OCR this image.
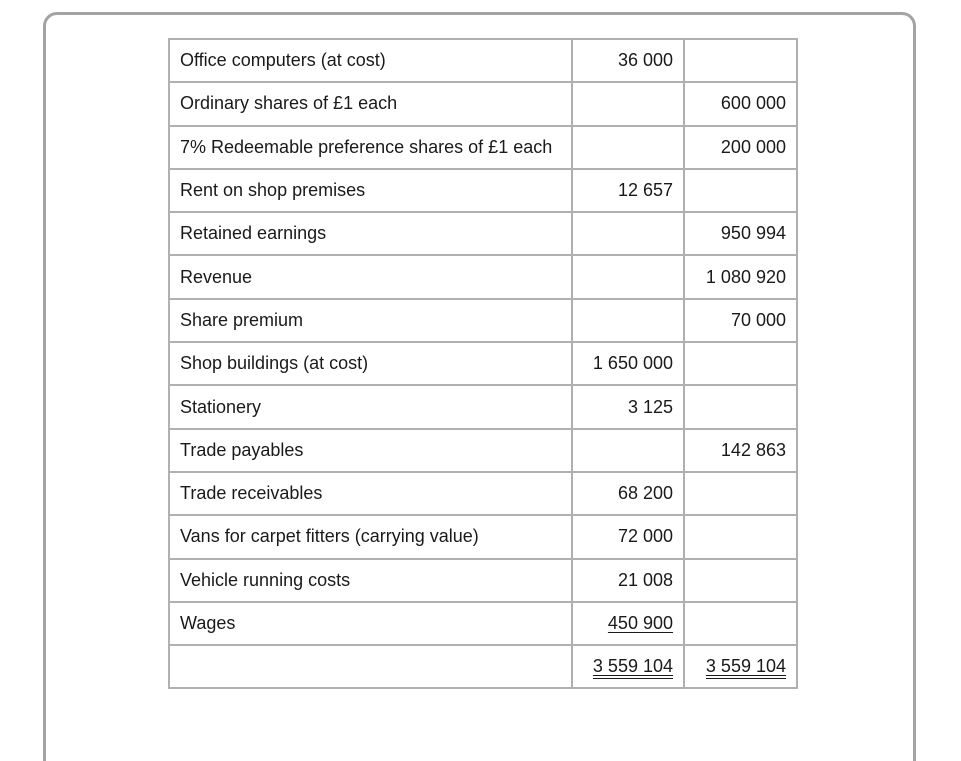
Office computers (at cost)	36 000	
Ordinary shares of £1 each		600 000
7% Redeemable preference shares of £1 each		200 000
Rent on shop premises	12 657	
Retained earnings		950 994
Revenue		1 080 920
Share premium		70 000
Shop buildings (at cost)	1 650 000	
Stationery	3 125	
Trade payables		142 863
Trade receivables	68 200	
Vans for carpet fitters (carrying value)	72 000	
Vehicle running costs	21 008	
Wages	450 900	
	3 559 104	3 559 104
